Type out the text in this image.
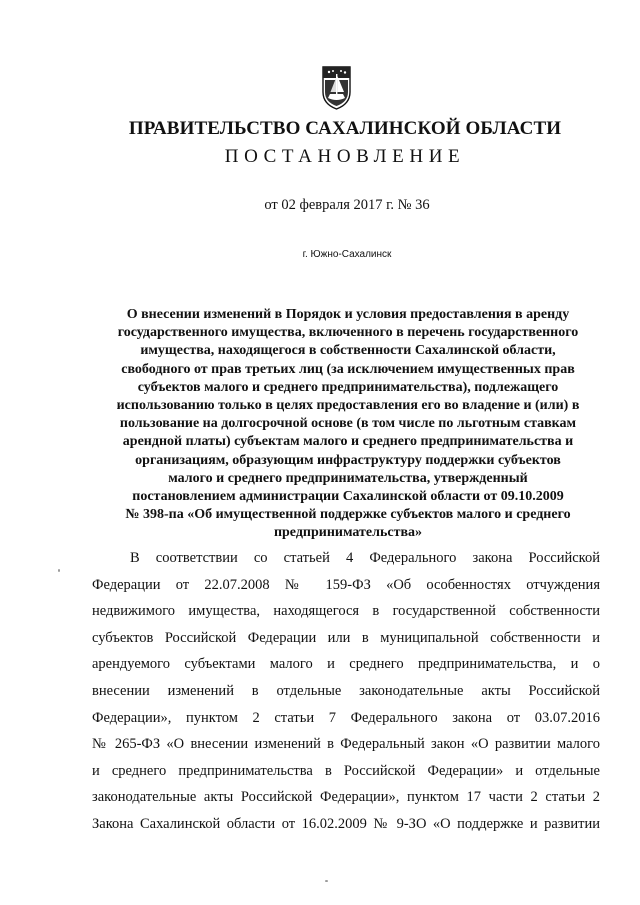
ПРАВИТЕЛЬСТВО САХАЛИНСКОЙ ОБЛАСТИ
ПОСТАНОВЛЕНИЕ
от 02 февраля 2017 г. № 36
г. Южно-Сахалинск
О внесении изменений в Порядок и условия предоставления в аренду
государственного имущества, включенного в перечень государственного
имущества, находящегося в собственности Сахалинской области,
свободного от прав третьих лиц (за исключением имущественных прав
субъектов малого и среднего предпринимательства), подлежащего
использованию только в целях предоставления его во владение и (или) в
пользование на долгосрочной основе (в том числе по льготным ставкам
арендной платы) субъектам малого и среднего предпринимательства и
организациям, образующим инфраструктуру поддержки субъектов
малого и среднего предпринимательства, утвержденный
постановлением администрации Сахалинской области от 09.10.2009
№ 398-па «Об имущественной поддержке субъектов малого и среднего
предпринимательства»
В соответствии со статьей 4 Федерального закона Российской
Федерации от 22.07.2008 № 159-ФЗ «Об особенностях отчуждения
недвижимого имущества, находящегося в государственной собственности
субъектов Российской Федерации или в муниципальной собственности и
арендуемого субъектами малого и среднего предпринимательства, и о
внесении изменений в отдельные законодательные акты Российской
Федерации», пунктом 2 статьи 7 Федерального закона от 03.07.2016
№ 265-ФЗ «О внесении изменений в Федеральный закон «О развитии малого
и среднего предпринимательства в Российской Федерации» и отдельные
законодательные акты Российской Федерации», пунктом 17 части 2 статьи 2
Закона Сахалинской области от 16.02.2009 № 9-ЗО «О поддержке и развитии
